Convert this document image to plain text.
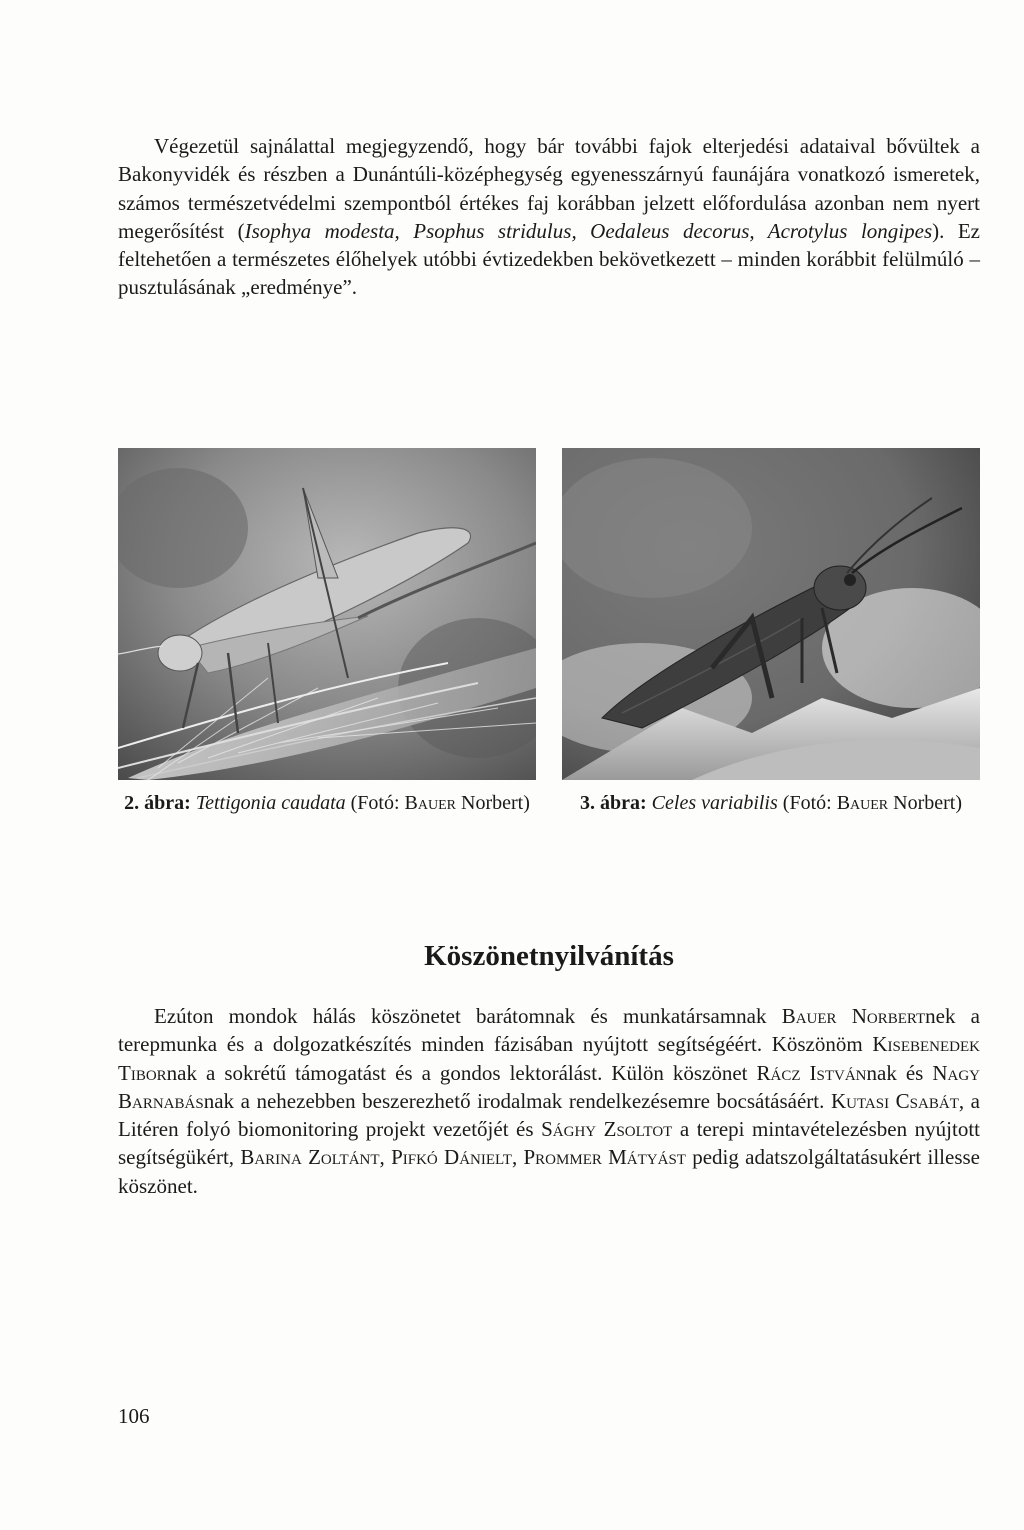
Végezetül sajnálattal megjegyzendő, hogy bár további fajok elterjedési adataival bővültek a Bakonyvidék és részben a Dunántúli-középhegység egyenesszárnyú faunájára vonatkozó ismeretek, számos természetvédelmi szempontból értékes faj korábban jelzett előfordulása azonban nem nyert megerősítést (Isophya modesta, Psophus stridulus, Oedaleus decorus, Acrotylus longipes). Ez feltehetően a természetes élőhelyek utóbbi évtizedekben bekövetkezett – minden korábbit felülmúló – pusztulásának „eredménye”.

2. ábra: Tettigonia caudata (Fotó: Bauer Norbert)	3. ábra: Celes variabilis (Fotó: Bauer Norbert)
Köszönetnyilvánítás

Ezúton mondok hálás köszönetet barátomnak és munkatársamnak Bauer Norbertnek a terepmunka és a dolgozatkészítés minden fázisában nyújtott segítségéért. Köszönöm Kisebenedek Tibornak a sokrétű támogatást és a gondos lektorálást. Külön köszönet Rácz Istvánnak és Nagy Barnabásnak a nehezebben beszerezhető irodalmak rendelkezésemre bocsátásáért. Kutasi Csabát, a Litéren folyó biomonitoring projekt vezetőjét és Sághy Zsoltot a terepi mintavételezésben nyújtott segítségükért, Barina Zoltánt, Pifkó Dánielt, Prommer Mátyást pedig adatszolgáltatásukért illesse köszönet.

106
